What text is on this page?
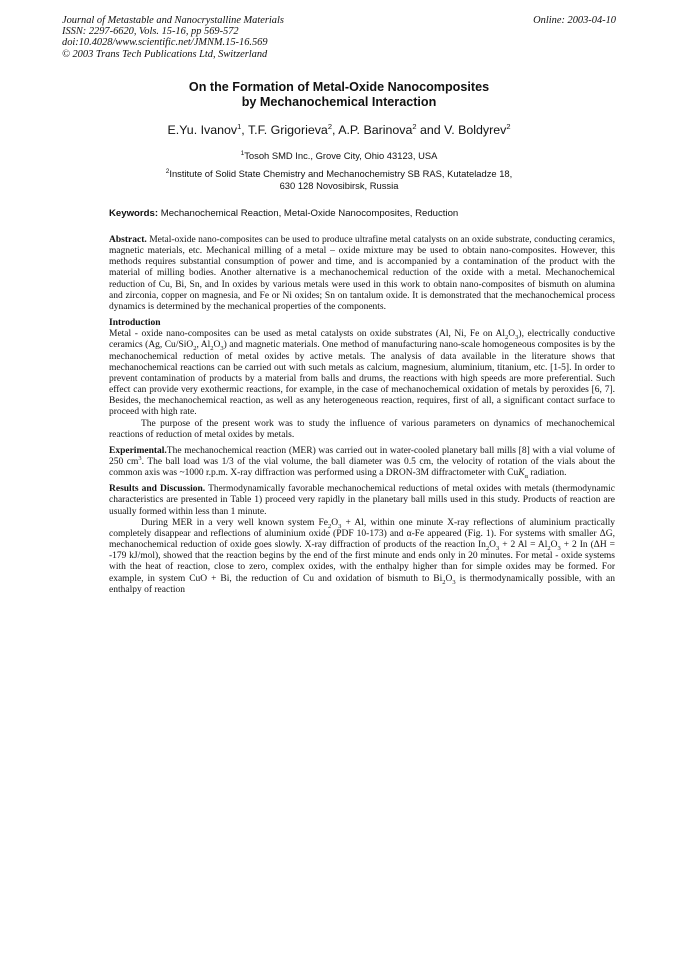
Journal of Metastable and Nanocrystalline Materials
ISSN: 2297-6620, Vols. 15-16, pp 569-572
doi:10.4028/www.scientific.net/JMNM.15-16.569
© 2003 Trans Tech Publications Ltd, Switzerland
Online: 2003-04-10
On the Formation of Metal-Oxide Nanocomposites
by Mechanochemical Interaction
E.Yu. Ivanov$^1$, T.F. Grigorieva$^2$, A.P. Barinova$^2$ and V. Boldyrev$^2$
$^1$Tosoh SMD Inc., Grove City, Ohio 43123, USA
$^2$Institute of Solid State Chemistry and Mechanochemistry SB RAS, Kutateladze 18,
630 128 Novosibirsk, Russia
Keywords: Mechanochemical Reaction, Metal-Oxide Nanocomposites, Reduction

Abstract. Metal-oxide nano-composites can be used to produce ultrafine metal catalysts on an oxide substrate, conducting ceramics, magnetic materials, etc. Mechanical milling of a metal – oxide mixture may be used to obtain nano-composites. However, this methods requires substantial consumption of power and time, and is accompanied by a contamination of the product with the material of milling bodies. Another alternative is a mechanochemical reduction of the oxide with a metal. Mechanochemical reduction of Cu, Bi, Sn, and In oxides by various metals were used in this work to obtain nano-composites of bismuth on alumina and zirconia, copper on magnesia, and Fe or Ni oxides; Sn on tantalum oxide. It is demonstrated that the mechanochemical process dynamics is determined by the mechanical properties of the components.

Introduction
Metal - oxide nano-composites can be used as metal catalysts on oxide substrates (Al, Ni, Fe on $Al_2O_3$), electrically conductive ceramics (Ag, Cu/SiO$_2$, $Al_2O_3$) and magnetic materials. One method of manufacturing nano-scale homogeneous composites is by the mechanochemical reduction of metal oxides by active metals. The analysis of data available in the literature shows that mechanochemical reactions can be carried out with such metals as calcium, magnesium, aluminium, titanium, etc. [1-5]. In order to prevent contamination of products by a material from balls and drums, the reactions with high speeds are more preferential. Such effect can provide very exothermic reactions, for example, in the case of mechanochemical oxidation of metals by peroxides [6, 7]. Besides, the mechanochemical reaction, as well as any heterogeneous reaction, requires, first of all, a significant contact surface to proceed with high rate.

The purpose of the present work was to study the influence of various parameters on dynamics of mechanochemical reactions of reduction of metal oxides by metals.

Experimental.The mechanochemical reaction (MER) was carried out in water-cooled planetary ball mills [8] with a vial volume of 250 $cm^3$. The ball load was 1/3 of the vial volume, the ball diameter was 0.5 cm, the velocity of rotation of the vials about the common axis was ~1000 r.p.m. X-ray diffraction was performed using a DRON-3M diffractometer with CuK$_\alpha$ radiation.

Results and Discussion. Thermodynamically favorable mechanochemical reductions of metal oxides with metals (thermodynamic characteristics are presented in Table 1) proceed very rapidly in the planetary ball mills used in this study. Products of reaction are usually formed within less than 1 minute.

During MER in a very well known system $Fe_2O_3 + Al$, within one minute X-ray reflections of aluminium practically completely disappear and reflections of aluminium oxide (PDF 10-173) and α-Fe appeared (Fig. 1). For systems with smaller ΔG, mechanochemical reduction of oxide goes slowly. X-ray diffraction of products of the reaction $In_2O_3 + 2$ $Al = Al_2O_3 + 2$ In (ΔH = -179 kJ/mol), showed that the reaction begins by the end of the first minute and ends only in 20 minutes. For metal - oxide systems with the heat of reaction, close to zero, complex oxides, with the enthalpy higher than for simple oxides may be formed. For example, in system CuO + Bi, the reduction of Cu and oxidation of bismuth to $Bi_2O_3$ is thermodynamically possible, with an enthalpy of reaction
